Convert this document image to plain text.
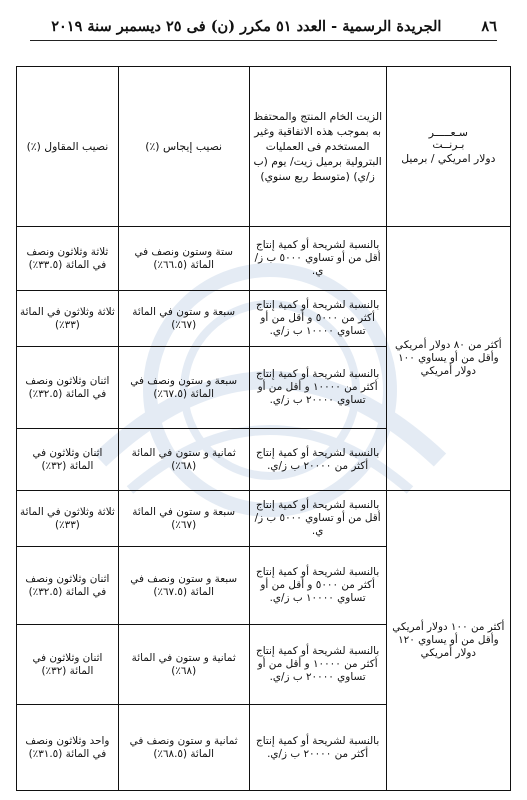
٨٦
الجريدة الرسمية - العدد ٥١ مكرر (ن) فى ٢٥ ديسمبر سنة ٢٠١٩
سـعـــــر
بـرنــت
دولار امريكي / برميل	الزيت الخام المنتج والمحتفظ به بموجب هذه الاتفاقية وغير المستخدم فى العمليات البترولية برميل زيت/ يوم (ب ز/ي) (متوسط ربع سنوي)	نصيب إيجاس (٪)	نصيب المقاول (٪)
أكثر من ٨٠ دولار أمريكي وأقل من أو يساوي ١٠٠ دولار أمريكي	بالنسبة لشريحة أو كمية إنتاج أقل من أو تساوي ٥٠٠٠ ب ز/ي.	ستة وستون ونصف في المائة (٦٦.٥٪)	ثلاثة وثلاثون ونصف في المائة (٣٣.٥٪)
	بالنسبة لشريحة أو كمية إنتاج أكثر من ٥٠٠٠ و أقل من أو تساوي ١٠٠٠٠ ب ز/ي.	سبعة و ستون في المائة (٦٧٪)	ثلاثة وثلاثون في المائة (٣٣٪)
	بالنسبة لشريحة أو كمية إنتاج أكثر من ١٠٠٠٠ و أقل من أو تساوي ٢٠٠٠٠ ب ز/ي.	سبعة و ستون ونصف في المائة (٦٧.٥٪)	اثنان وثلاثون ونصف في المائة (٣٢.٥٪)
	بالنسبة لشريحة أو كمية إنتاج أكثر من ٢٠٠٠٠ ب ز/ي.	ثمانية و ستون في المائة (٦٨٪)	اثنان وثلاثون في المائة (٣٢٪)
أكثر من ١٠٠ دولار أمريكي وأقل من أو يساوي ١٢٠ دولار أمريكي	بالنسبة لشريحة أو كمية إنتاج أقل من أو تساوي ٥٠٠٠ ب ز/ي.	سبعة و ستون في المائة (٦٧٪)	ثلاثة وثلاثون في المائة (٣٣٪)
	بالنسبة لشريحة أو كمية إنتاج أكثر من ٥٠٠٠ و أقل من أو تساوي ١٠٠٠٠ ب ز/ي.	سبعة و ستون ونصف في المائة (٦٧.٥٪)	اثنان وثلاثون ونصف في المائة (٣٢.٥٪)
	بالنسبة لشريحة أو كمية إنتاج أكثر من ١٠٠٠٠ و أقل من أو تساوي ٢٠٠٠٠ ب ز/ي.	ثمانية و ستون في المائة (٦٨٪)	اثنان وثلاثون في المائة (٣٢٪)
	بالنسبة لشريحة أو كمية إنتاج أكثر من ٢٠٠٠٠ ب ز/ي.	ثمانية و ستون ونصف في المائة (٦٨.٥٪)	واحد وثلاثون ونصف في المائة (٣١.٥٪)
